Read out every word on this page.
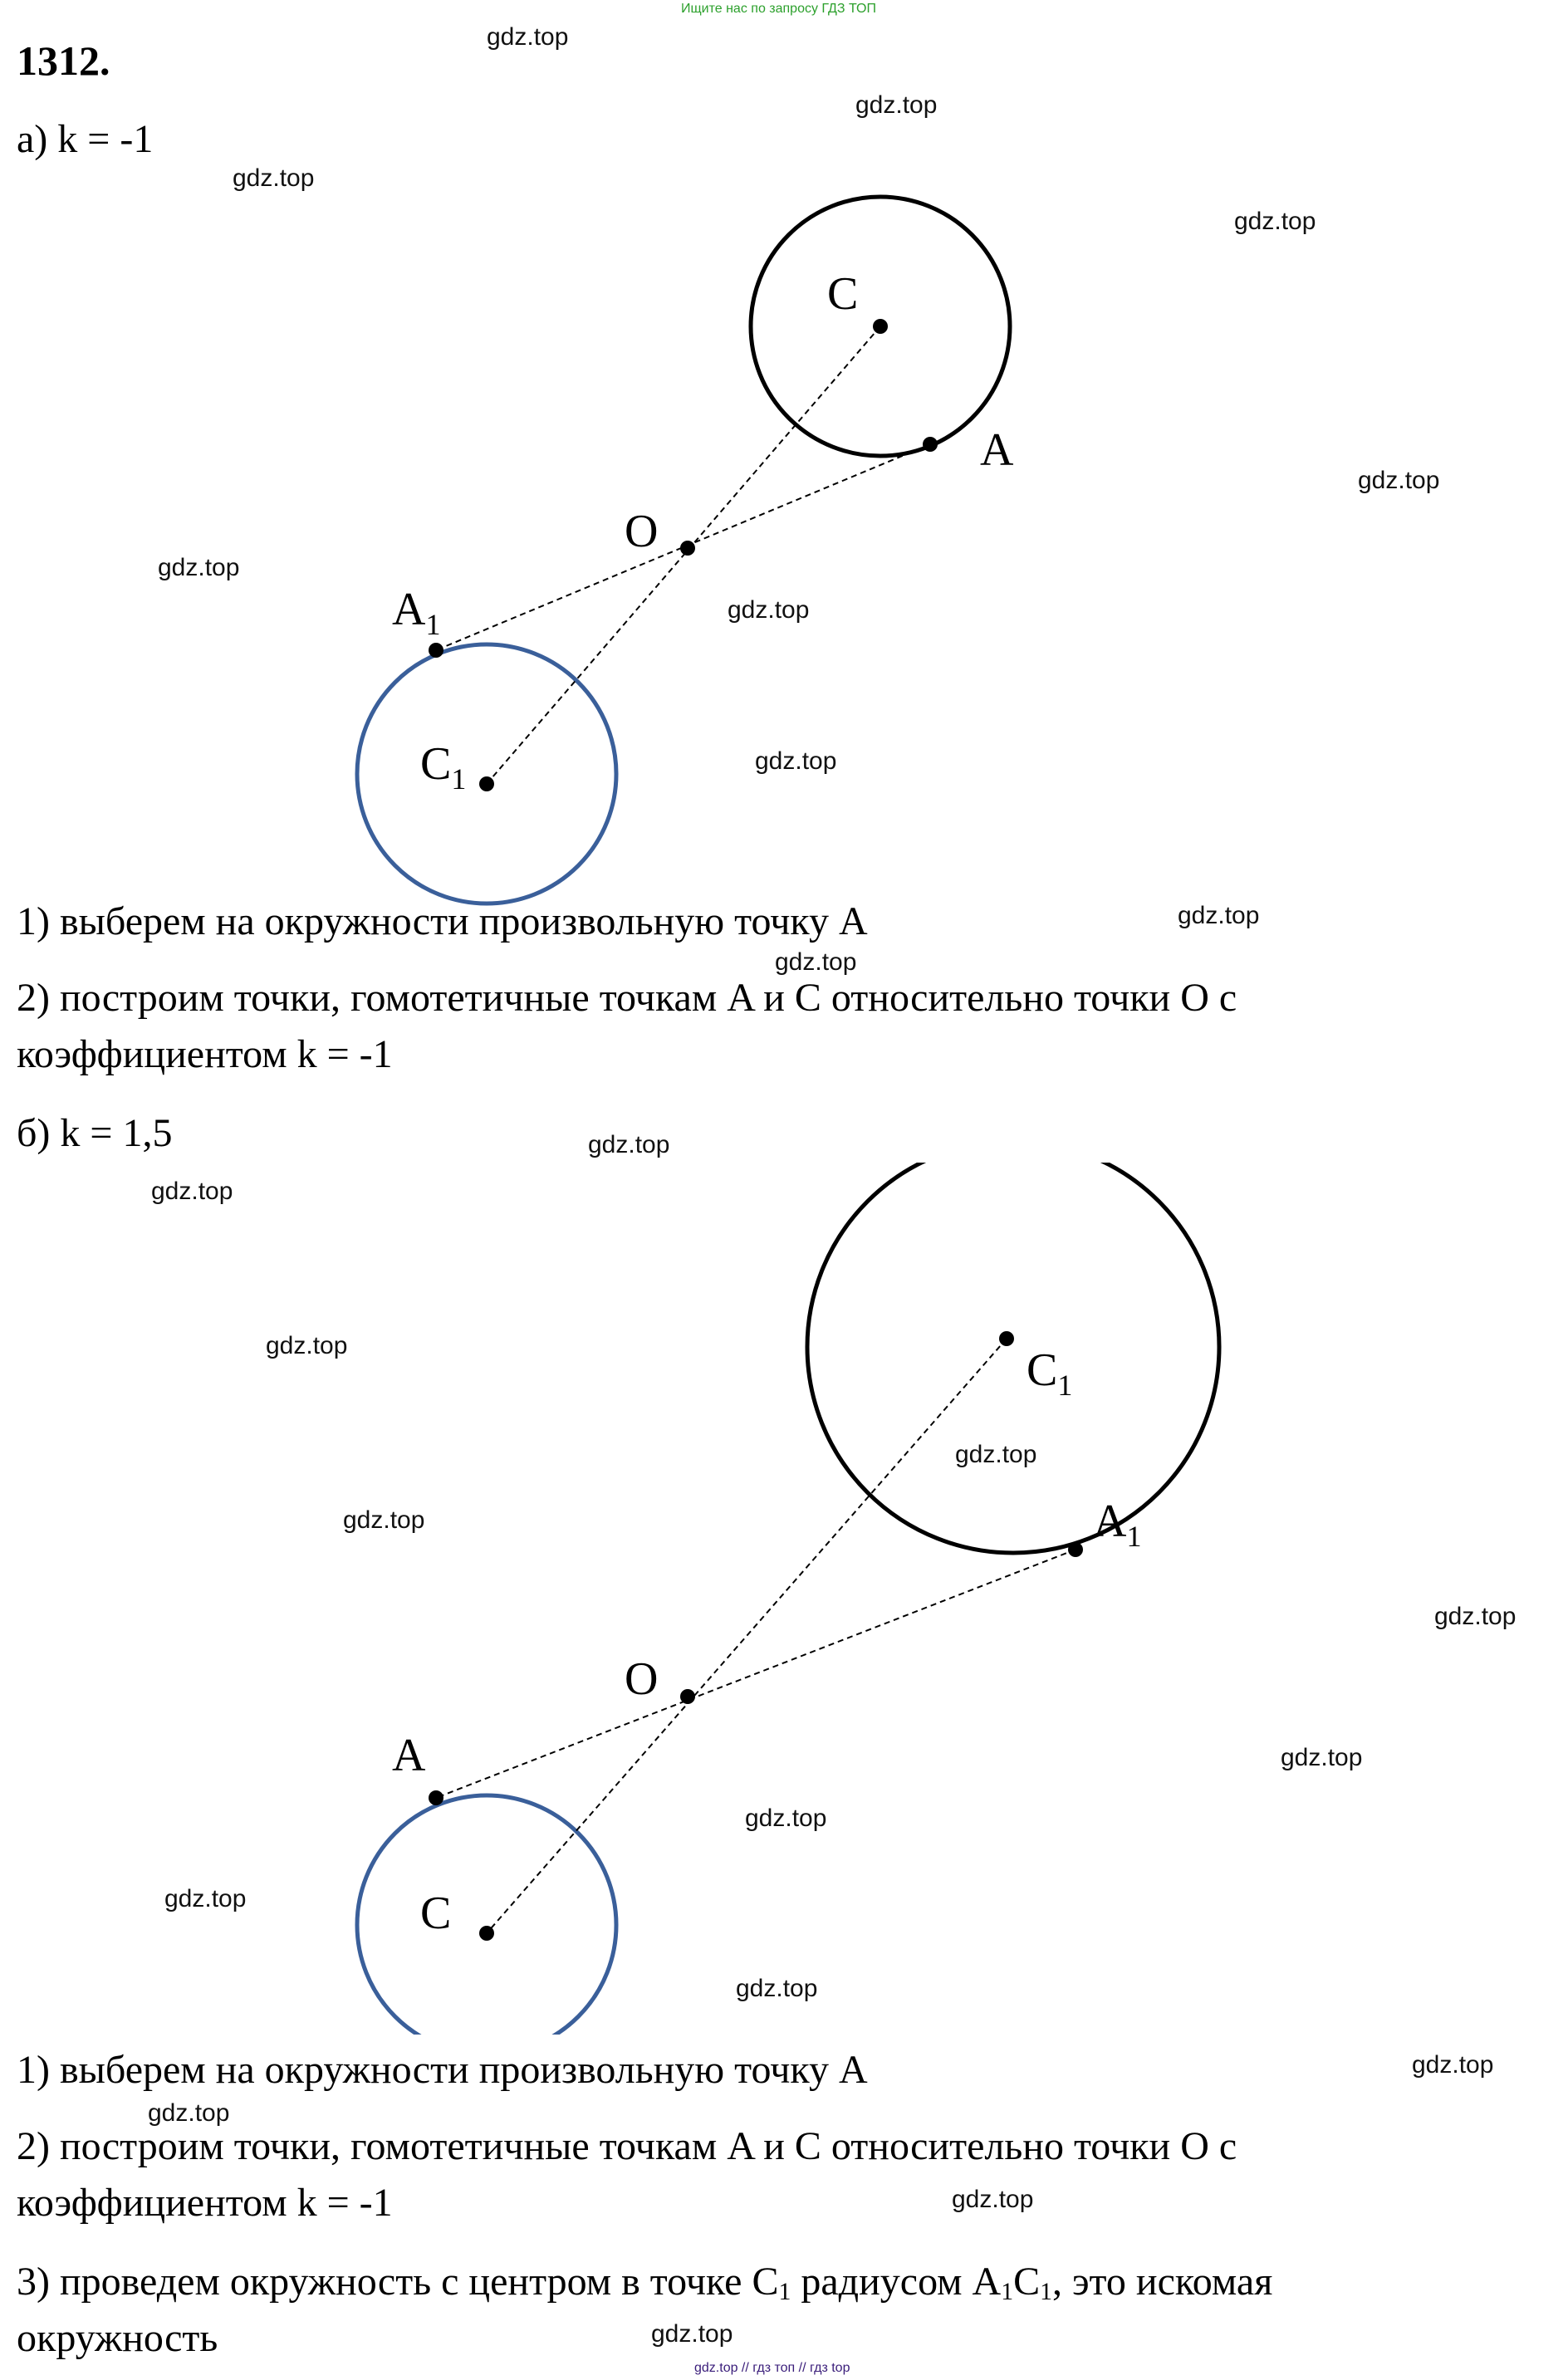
Ищите нас по запросу ГДЗ ТОП
1312.
а) k = -1
C
A
O
$A_1$
$C_1$
1) выберем на окружности произвольную точку A
2) построим точки, гомотетичные точкам A и C относительно точки O с
коэффициентом k = -1
б) k = 1,5
$C_1$
$A_1$
O
A
C
1) выберем на окружности произвольную точку A
2) построим точки, гомотетичные точкам A и C относительно точки O с
коэффициентом k = -1
3) проведем окружность с центром в точке $C_1$ радиусом $A_1C_1$, это искомая
окружность
gdz.top
gdz.top
gdz.top
gdz.top
gdz.top
gdz.top
gdz.top
gdz.top
gdz.top
gdz.top
gdz.top
gdz.top
gdz.top
gdz.top
gdz.top
gdz.top
gdz.top
gdz.top
gdz.top
gdz.top
gdz.top
gdz.top
gdz.top
gdz.top
gdz.top // гдз топ // гдз top
